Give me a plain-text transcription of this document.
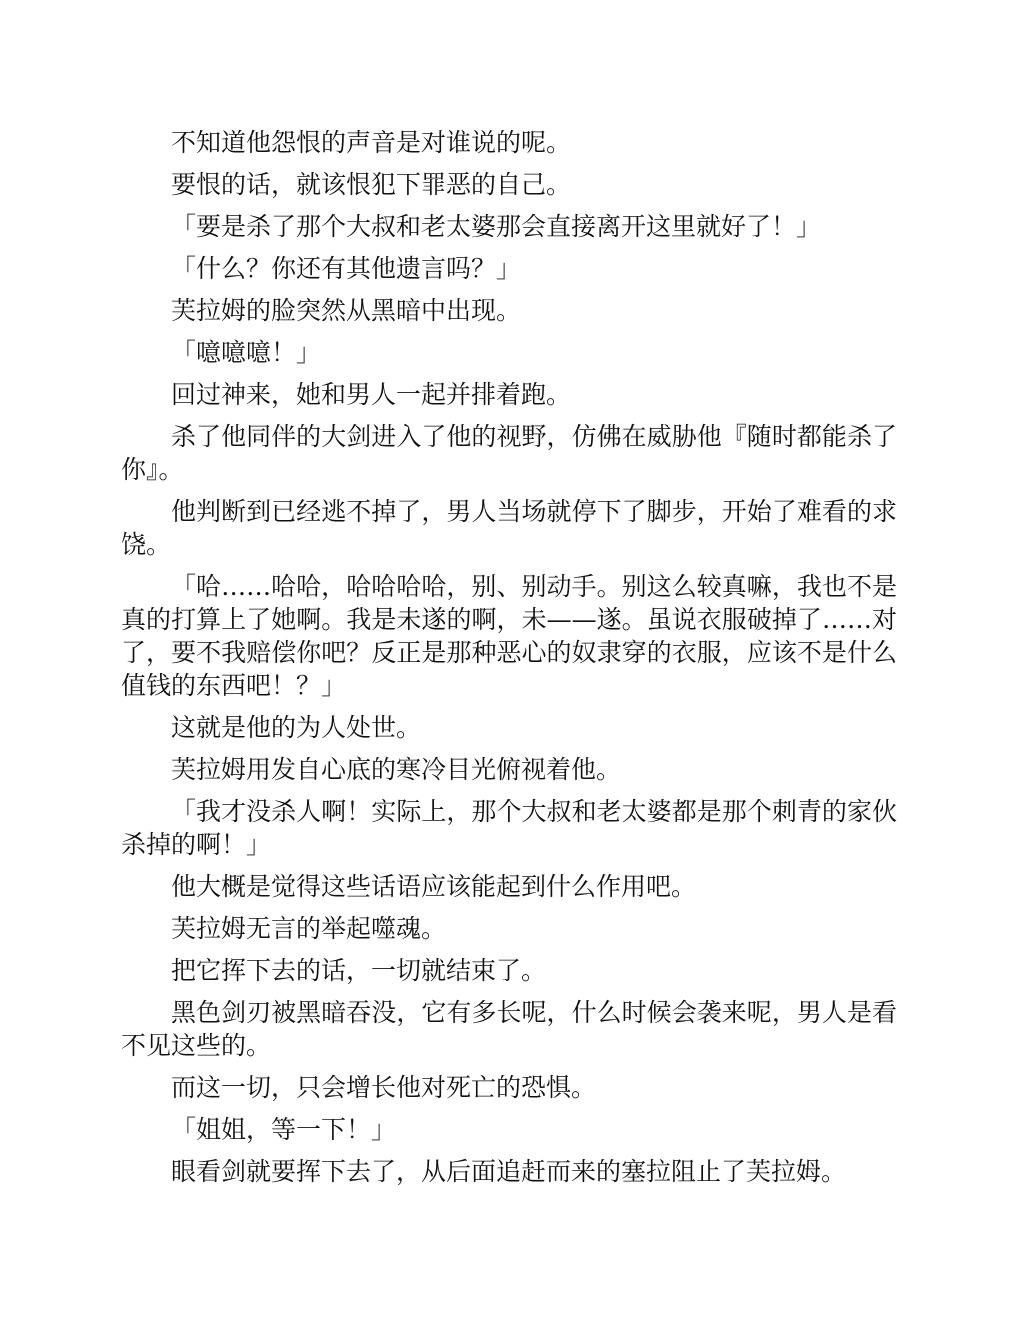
不知道他怨恨的声音是对谁说的呢。

要恨的话，就该恨犯下罪恶的自己。

「要是杀了那个大叔和老太婆那会直接离开这里就好了！」

「什么？你还有其他遗言吗？」

芙拉姆的脸突然从黑暗中出现。

「噫噫噫！」

回过神来，她和男人一起并排着跑。

杀了他同伴的大剑进入了他的视野，仿佛在威胁他『随时都能杀了你』。

他判断到已经逃不掉了，男人当场就停下了脚步，开始了难看的求饶。

「哈……哈哈，哈哈哈哈，别、别动手。别这么较真嘛，我也不是真的打算上了她啊。我是未遂的啊，未——遂。虽说衣服破掉了……对了，要不我赔偿你吧？反正是那种恶心的奴隶穿的衣服，应该不是什么值钱的东西吧！？」

这就是他的为人处世。

芙拉姆用发自心底的寒冷目光俯视着他。

「我才没杀人啊！实际上，那个大叔和老太婆都是那个刺青的家伙杀掉的啊！」

他大概是觉得这些话语应该能起到什么作用吧。

芙拉姆无言的举起噬魂。

把它挥下去的话，一切就结束了。

黑色剑刃被黑暗吞没，它有多长呢，什么时候会袭来呢，男人是看不见这些的。

而这一切，只会增长他对死亡的恐惧。

「姐姐，等一下！」

眼看剑就要挥下去了，从后面追赶而来的塞拉阻止了芙拉姆。
